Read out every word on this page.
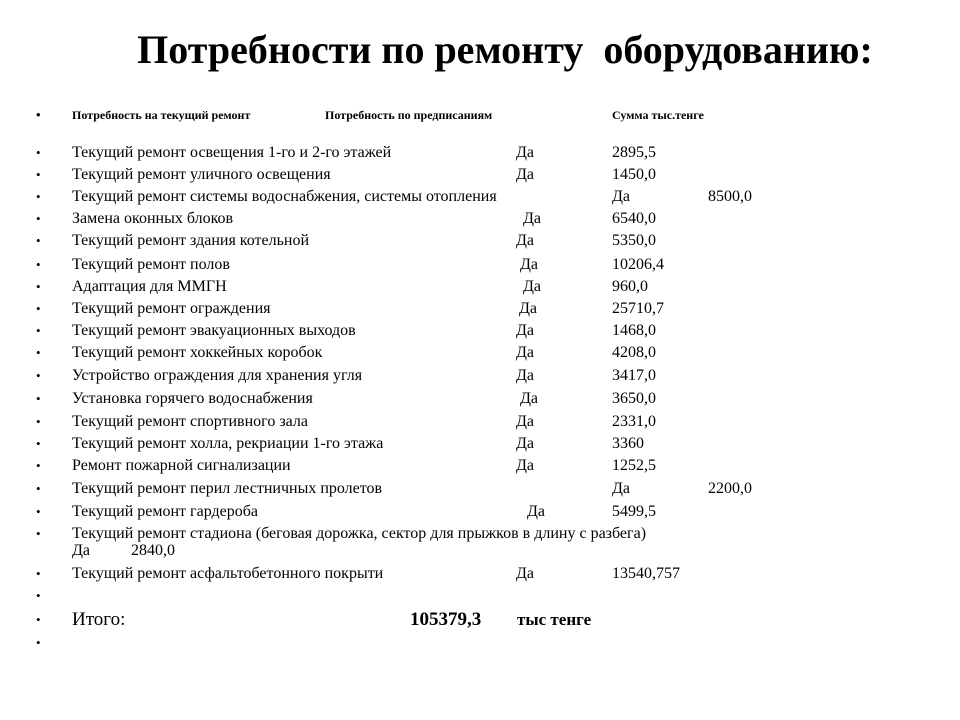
Потребности по ремонту  оборудованию:
•	Потребность на текущий ремонт	Потребность по предписаниям	Сумма тыс.тенге
• Текущий ремонт освещения 1-го и 2-го этажей	Да	2895,5
• Текущий ремонт уличного освещения	Да	1450,0
• Текущий ремонт системы водоснабжения, системы отопления	Да	8500,0
• Замена оконных блоков	Да	6540,0
• Текущий ремонт здания котельной	Да	5350,0
• Текущий ремонт полов	Да	10206,4
• Адаптация для ММГН	Да	960,0
• Текущий ремонт ограждения	Да	25710,7
• Текущий ремонт эвакуационных выходов	Да	1468,0
• Текущий ремонт хоккейных коробок	Да	4208,0
• Устройство ограждения для хранения угля	Да	3417,0
• Установка горячего водоснабжения	Да	3650,0
• Текущий ремонт спортивного зала	Да	2331,0
• Текущий ремонт холла, рекриации 1-го этажа	Да	3360
• Ремонт пожарной сигнализации	Да	1252,5
• Текущий ремонт перил лестничных пролетов	Да	2200,0
• Текущий ремонт гардероба	Да	5499,5
• Текущий ремонт стадиона (беговая дорожка, сектор для прыжков в длину с разбега)
Да	2840,0
• Текущий ремонт асфальтобетонного покрыти	Да	13540,757
•
• Итого:	105379,3 тыс тенге
•
